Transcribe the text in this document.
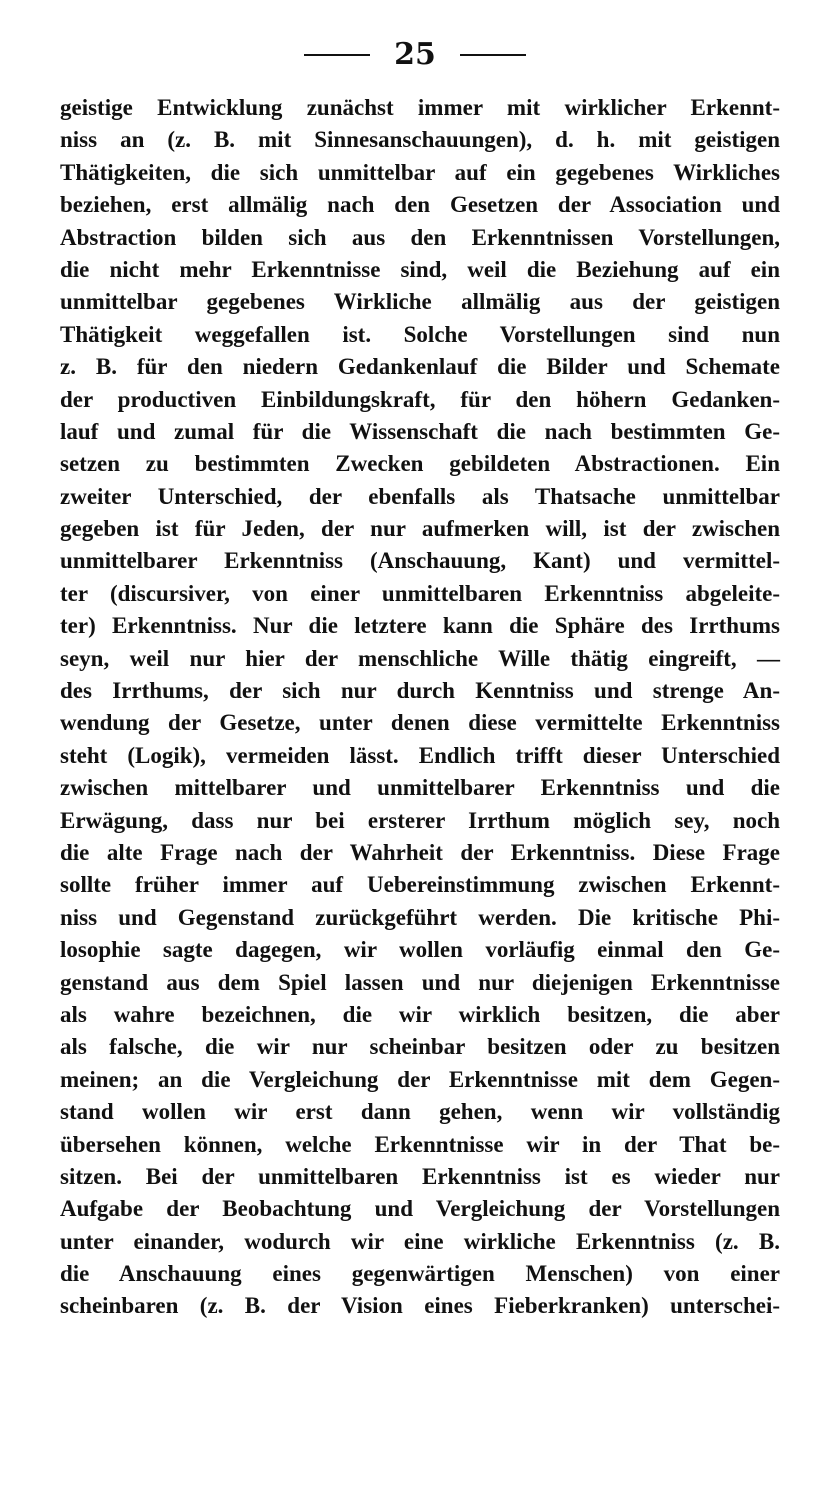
25
geistige Entwicklung zunächst immer mit wirklicher Erkennt-
niss an (z. B. mit Sinnesanschauungen), d. h. mit geistigen
Thätigkeiten, die sich unmittelbar auf ein gegebenes Wirkliches
beziehen, erst allmälig nach den Gesetzen der Association und
Abstraction bilden sich aus den Erkenntnissen Vorstellungen,
die nicht mehr Erkenntnisse sind, weil die Beziehung auf ein
unmittelbar gegebenes Wirkliche allmälig aus der geistigen
Thätigkeit weggefallen ist. Solche Vorstellungen sind nun
z. B. für den niedern Gedankenlauf die Bilder und Schemate
der productiven Einbildungskraft, für den höhern Gedanken-
lauf und zumal für die Wissenschaft die nach bestimmten Ge-
setzen zu bestimmten Zwecken gebildeten Abstractionen. Ein
zweiter Unterschied, der ebenfalls als Thatsache unmittelbar
gegeben ist für Jeden, der nur aufmerken will, ist der zwischen
unmittelbarer Erkenntniss (Anschauung, Kant) und vermittel-
ter (discursiver, von einer unmittelbaren Erkenntniss abgeleite-
ter) Erkenntniss. Nur die letztere kann die Sphäre des Irrthums
seyn, weil nur hier der menschliche Wille thätig eingreift, —
des Irrthums, der sich nur durch Kenntniss und strenge An-
wendung der Gesetze, unter denen diese vermittelte Erkenntniss
steht (Logik), vermeiden lässt. Endlich trifft dieser Unterschied
zwischen mittelbarer und unmittelbarer Erkenntniss und die
Erwägung, dass nur bei ersterer Irrthum möglich sey, noch
die alte Frage nach der Wahrheit der Erkenntniss. Diese Frage
sollte früher immer auf Uebereinstimmung zwischen Erkennt-
niss und Gegenstand zurückgeführt werden. Die kritische Phi-
losophie sagte dagegen, wir wollen vorläufig einmal den Ge-
genstand aus dem Spiel lassen und nur diejenigen Erkenntnisse
als wahre bezeichnen, die wir wirklich besitzen, die aber
als falsche, die wir nur scheinbar besitzen oder zu besitzen
meinen; an die Vergleichung der Erkenntnisse mit dem Gegen-
stand wollen wir erst dann gehen, wenn wir vollständig
übersehen können, welche Erkenntnisse wir in der That be-
sitzen. Bei der unmittelbaren Erkenntniss ist es wieder nur
Aufgabe der Beobachtung und Vergleichung der Vorstellungen
unter einander, wodurch wir eine wirkliche Erkenntniss (z. B.
die Anschauung eines gegenwärtigen Menschen) von einer
scheinbaren (z. B. der Vision eines Fieberkranken) unterschei-
